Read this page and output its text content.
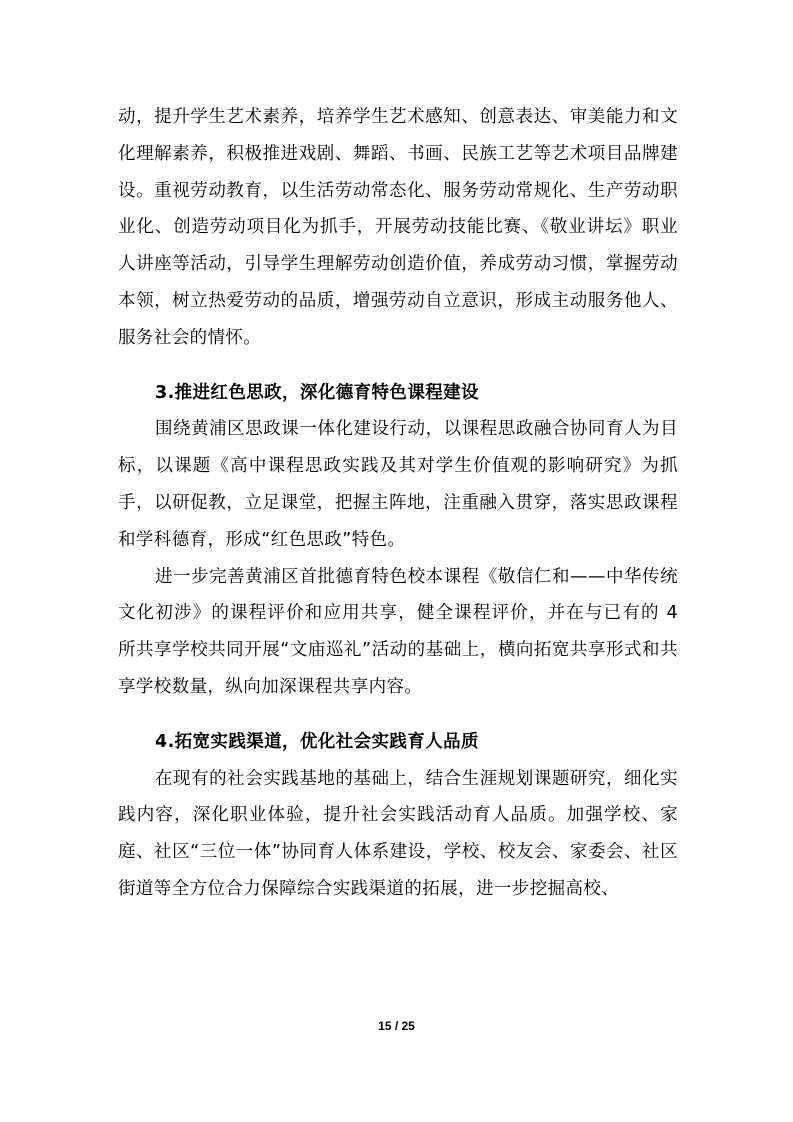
动，提升学生艺术素养，培养学生艺术感知、创意表达、审美能力和文化理解素养，积极推进戏剧、舞蹈、书画、民族工艺等艺术项目品牌建设。重视劳动教育，以生活劳动常态化、服务劳动常规化、生产劳动职业化、创造劳动项目化为抓手，开展劳动技能比赛、《敬业讲坛》职业人讲座等活动，引导学生理解劳动创造价值，养成劳动习惯，掌握劳动本领，树立热爱劳动的品质，增强劳动自立意识，形成主动服务他人、服务社会的情怀。

3.推进红色思政，深化德育特色课程建设

围绕黄浦区思政课一体化建设行动，以课程思政融合协同育人为目标，以课题《高中课程思政实践及其对学生价值观的影响研究》为抓手，以研促教，立足课堂，把握主阵地，注重融入贯穿，落实思政课程和学科德育，形成“红色思政”特色。

进一步完善黄浦区首批德育特色校本课程《敬信仁和——中华传统文化初涉》的课程评价和应用共享，健全课程评价，并在与已有的 4 所共享学校共同开展“文庙巡礼”活动的基础上，横向拓宽共享形式和共享学校数量，纵向加深课程共享内容。

4.拓宽实践渠道，优化社会实践育人品质

在现有的社会实践基地的基础上，结合生涯规划课题研究，细化实践内容，深化职业体验，提升社会实践活动育人品质。加强学校、家庭、社区“三位一体”协同育人体系建设，学校、校友会、家委会、社区街道等全方位合力保障综合实践渠道的拓展，进一步挖掘高校、

15 / 25
